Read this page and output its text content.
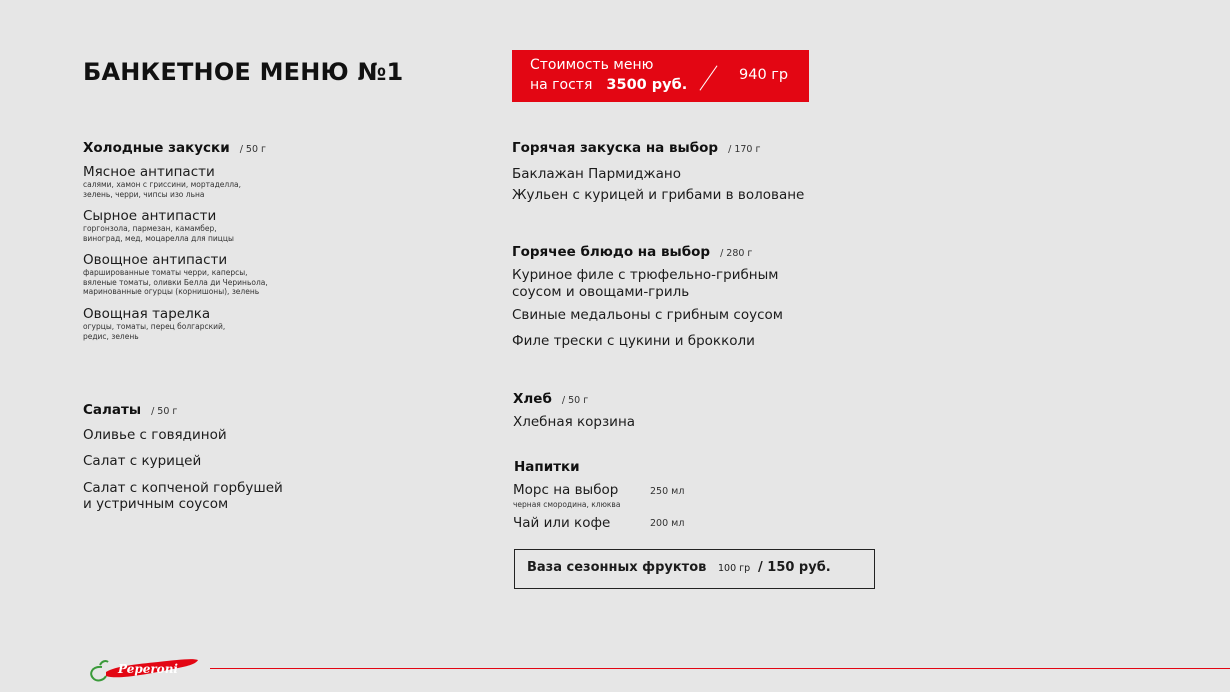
БАНКЕТНОЕ МЕНЮ №1	Стоимость меню
на гостя 3500 руб.
940 гр
Холодные закуски / 50 г
Мясное антипасти
салями, хамон с гриссини, мортаделла,
зелень, черри, чипсы изо льна
Сырное антипасти
горгонзола, пармезан, камамбер,
виноград, мед, моцарелла для пиццы
Овощное антипасти
фаршированные томаты черри, каперсы,
вяленые томаты, оливки Белла ди Чериньола,
маринованные огурцы (корнишоны), зелень
Овощная тарелка
огурцы, томаты, перец болгарский,
редис, зелень
Салаты / 50 г
Оливье с говядиной
Салат с курицей
Салат с копченой горбушей
и устричным соусом
Горячая закуска на выбор / 170 г
Баклажан Пармиджано
Жульен с курицей и грибами в воловане
Горячее блюдо на выбор / 280 г
Куриное филе с трюфельно-грибным
соусом и овощами-гриль
Свиные медальоны с грибным соусом
Филе трески с цукини и брокколи
Хлеб / 50 г
Хлебная корзина
Напитки
Морс на выбор
черная смородина, клюква
250 мл
Чай или кофе	200 мл
Ваза сезонных фруктов 100 гр / 150 руб.
Peperoni
